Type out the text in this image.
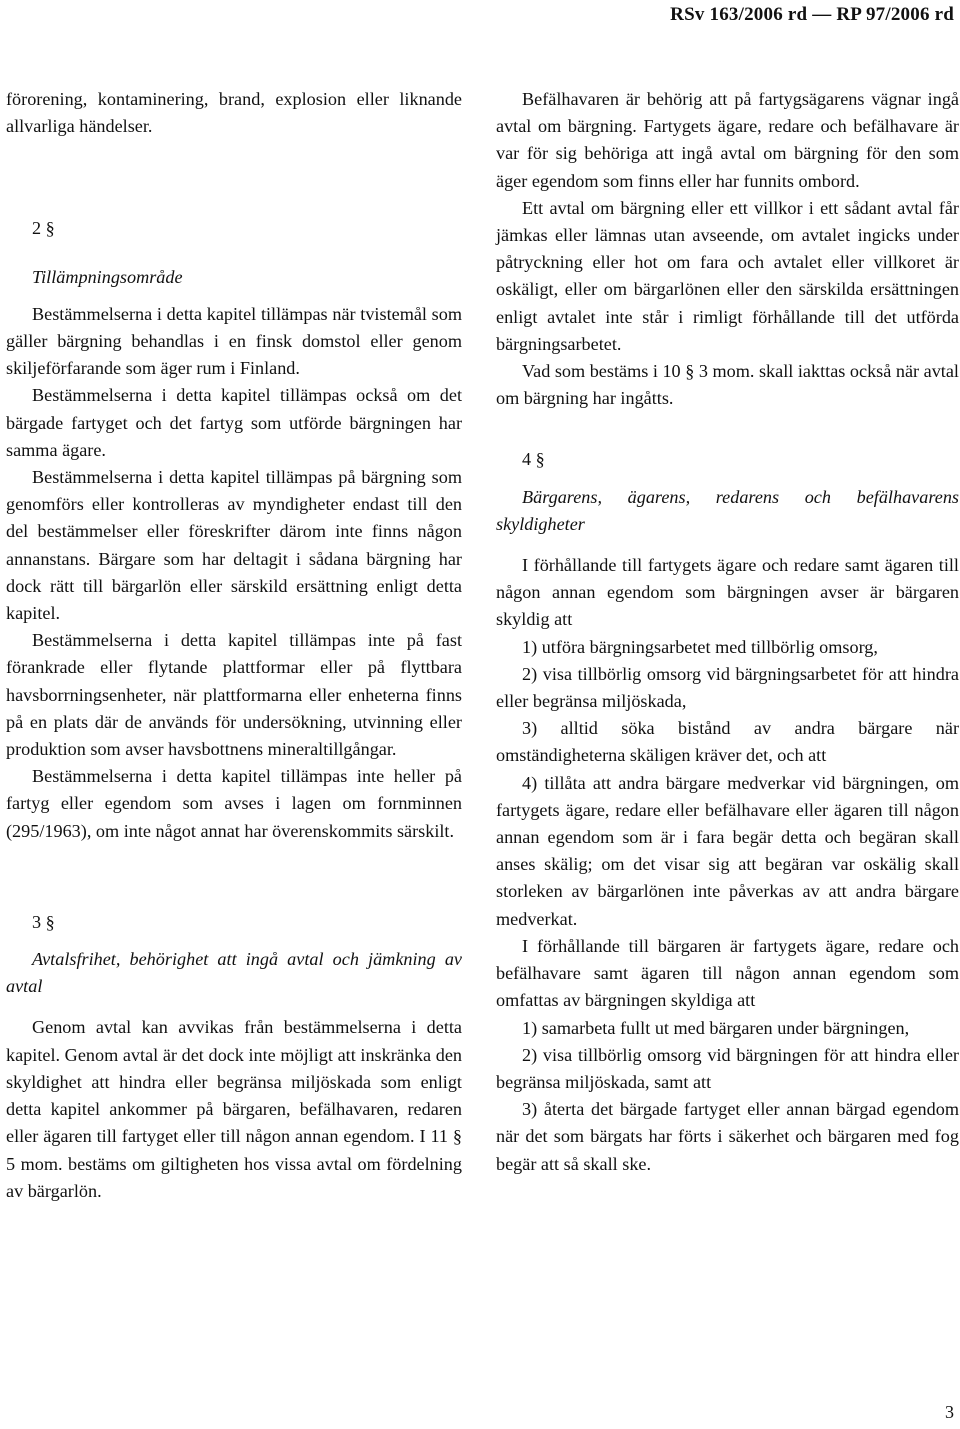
RSv 163/2006 rd — RP 97/2006 rd

förorening, kontaminering, brand, explosion eller liknande allvarliga händelser.

2 §

Tillämpningsområde

Bestämmelserna i detta kapitel tillämpas när tvistemål som gäller bärgning behandlas i en finsk domstol eller genom skiljeförfarande som äger rum i Finland.

Bestämmelserna i detta kapitel tillämpas också om det bärgade fartyget och det fartyg som utförde bärgningen har samma ägare.

Bestämmelserna i detta kapitel tillämpas på bärgning som genomförs eller kontrolleras av myndigheter endast till den del bestämmelser eller föreskrifter därom inte finns någon annanstans. Bärgare som har deltagit i sådana bärgning har dock rätt till bärgarlön eller särskild ersättning enligt detta kapitel.

Bestämmelserna i detta kapitel tillämpas inte på fast förankrade eller flytande plattformar eller på flyttbara havsborrningsenheter, när plattformarna eller enheterna finns på en plats där de används för undersökning, utvinning eller produktion som avser havsbottnens mineraltillgångar.

Bestämmelserna i detta kapitel tillämpas inte heller på fartyg eller egendom som avses i lagen om fornminnen (295/1963), om inte något annat har överenskommits särskilt.

3 §

Avtalsfrihet, behörighet att ingå avtal och jämkning av avtal

Genom avtal kan avvikas från bestämmelserna i detta kapitel. Genom avtal är det dock inte möjligt att inskränka den skyldighet att hindra eller begränsa miljöskada som enligt detta kapitel ankommer på bärgaren, befälhavaren, redaren eller ägaren till fartyget eller till någon annan egendom. I 11 § 5 mom. bestäms om giltigheten hos vissa avtal om fördelning av bärgarlön.

Befälhavaren är behörig att på fartygsägarens vägnar ingå avtal om bärgning. Fartygets ägare, redare och befälhavare är var för sig behöriga att ingå avtal om bärgning för den som äger egendom som finns eller har funnits ombord.

Ett avtal om bärgning eller ett villkor i ett sådant avtal får jämkas eller lämnas utan avseende, om avtalet ingicks under påtryckning eller hot om fara och avtalet eller villkoret är oskäligt, eller om bärgarlönen eller den särskilda ersättningen enligt avtalet inte står i rimligt förhållande till det utförda bärgningsarbetet.

Vad som bestäms i 10 § 3 mom. skall iakttas också när avtal om bärgning har ingåtts.

4 §

Bärgarens, ägarens, redarens och befälhavarens skyldigheter

I förhållande till fartygets ägare och redare samt ägaren till någon annan egendom som bärgningen avser är bärgaren skyldig att

1) utföra bärgningsarbetet med tillbörlig omsorg,

2) visa tillbörlig omsorg vid bärgningsarbetet för att hindra eller begränsa miljöskada,

3) alltid söka bistånd av andra bärgare när omständigheterna skäligen kräver det, och att

4) tillåta att andra bärgare medverkar vid bärgningen, om fartygets ägare, redare eller befälhavare eller ägaren till någon annan egendom som är i fara begär detta och begäran skall anses skälig; om det visar sig att begäran var oskälig skall storleken av bärgarlönen inte påverkas av att andra bärgare medverkat.

I förhållande till bärgaren är fartygets ägare, redare och befälhavare samt ägaren till någon annan egendom som omfattas av bärgningen skyldiga att

1) samarbeta fullt ut med bärgaren under bärgningen,

2) visa tillbörlig omsorg vid bärgningen för att hindra eller begränsa miljöskada, samt att

3) återta det bärgade fartyget eller annan bärgad egendom när det som bärgats har förts i säkerhet och bärgaren med fog begär att så skall ske.

3
